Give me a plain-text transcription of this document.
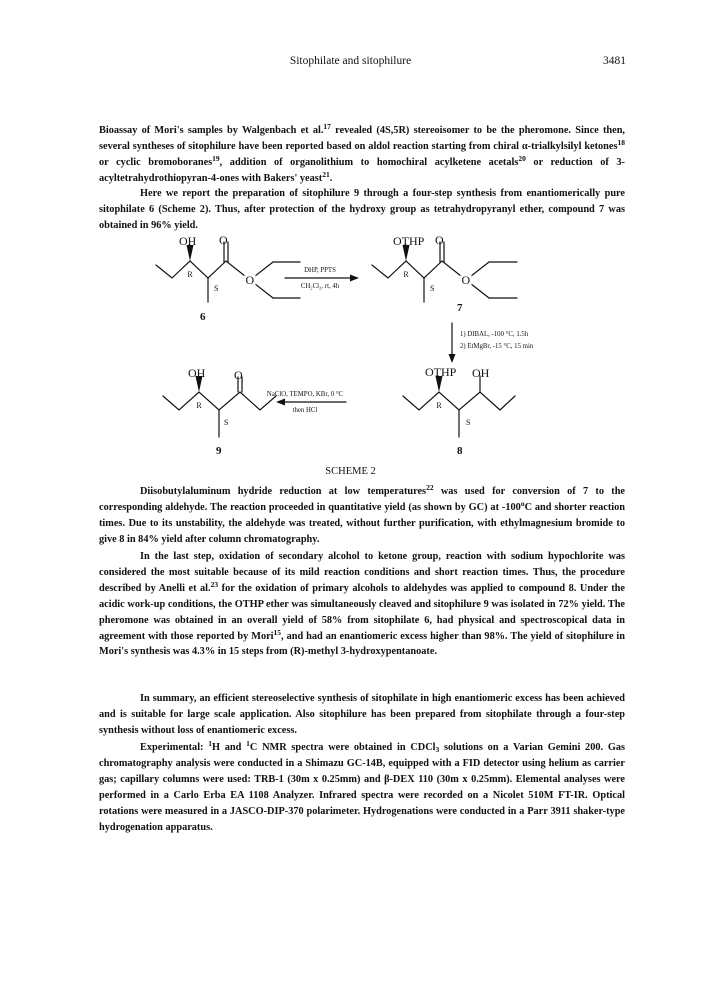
Sitophilate and sitophilure	3481

Bioassay of Mori's samples by Walgenbach et al.$^{17}$ revealed (4S,5R) stereoisomer to be the pheromone. Since then, several syntheses of sitophilure have been reported based on aldol reaction starting from chiral α-trialkylsilyl ketones$^{18}$ or cyclic bromoboranes$^{19}$, addition of organolithium to homochiral acylketene acetals$^{20}$ or reduction of 3-acyltetrahydrothiopyran-4-ones with Bakers' yeast$^{21}$.

Here we report the preparation of sitophilure 9 through a four-step synthesis from enantiomerically pure sitophilate 6 (Scheme 2). Thus, after protection of the hydroxy group as tetrahydropyranyl ether, compound 7 was obtained in 96% yield.

OH O
O
R
S
OTHP O
O
R
S
OTHP OH
R
S
OH O
R
S
6
7
8
9
DHP, PPTS
CH₂Cl₂, rt, 4h
1) DIBAL, -100 °C, 1.5h
2) EtMgBr, -15 °C, 15 min
NaClO, TEMPO, KBr, 0 °C
then HCl
SCHEME 2

Diisobutylaluminum hydride reduction at low temperatures$^{22}$ was used for conversion of 7 to the corresponding aldehyde. The reaction proceeded in quantitative yield (as shown by GC) at -100$^o$C and shorter reaction times. Due to its unstability, the aldehyde was treated, without further purification, with ethylmagnesium bromide to give 8 in 84% yield after column chromatography.

In the last step, oxidation of secondary alcohol to ketone group, reaction with sodium hypochlorite was considered the most suitable because of its mild reaction conditions and short reaction times. Thus, the procedure described by Anelli et al.$^{23}$ for the oxidation of primary alcohols to aldehydes was applied to compound 8. Under the acidic work-up conditions, the OTHP ether was simultaneously cleaved and sitophilure 9 was isolated in 72% yield. The pheromone was obtained in an overall yield of 58% from sitophilate 6, had physical and spectroscopical data in agreement with those reported by Mori$^{15}$, and had an enantiomeric excess higher than 98%. The yield of sitophilure in Mori's synthesis was 4.3% in 15 steps from (R)-methyl 3-hydroxypentanoate.

In summary, an efficient stereoselective synthesis of sitophilate in high enantiomeric excess has been achieved and is suitable for large scale application. Also sitophilure has been prepared from sitophilate through a four-step synthesis without loss of enantiomeric excess.

Experimental: $^1$H and $^1$C NMR spectra were obtained in CDCl$_3$ solutions on a Varian Gemini 200. Gas chromatography analysis were conducted in a Shimazu GC-14B, equipped with a FID detector using helium as carrier gas; capillary columns were used: TRB-1 (30m x 0.25mm) and β-DEX 110 (30m x 0.25mm). Elemental analyses were performed in a Carlo Erba EA 1108 Analyzer. Infrared spectra were recorded on a Nicolet 510M FT-IR. Optical rotations were measured in a JASCO-DIP-370 polarimeter. Hydrogenations were conducted in a Parr 3911 shaker-type hydrogenation apparatus.
